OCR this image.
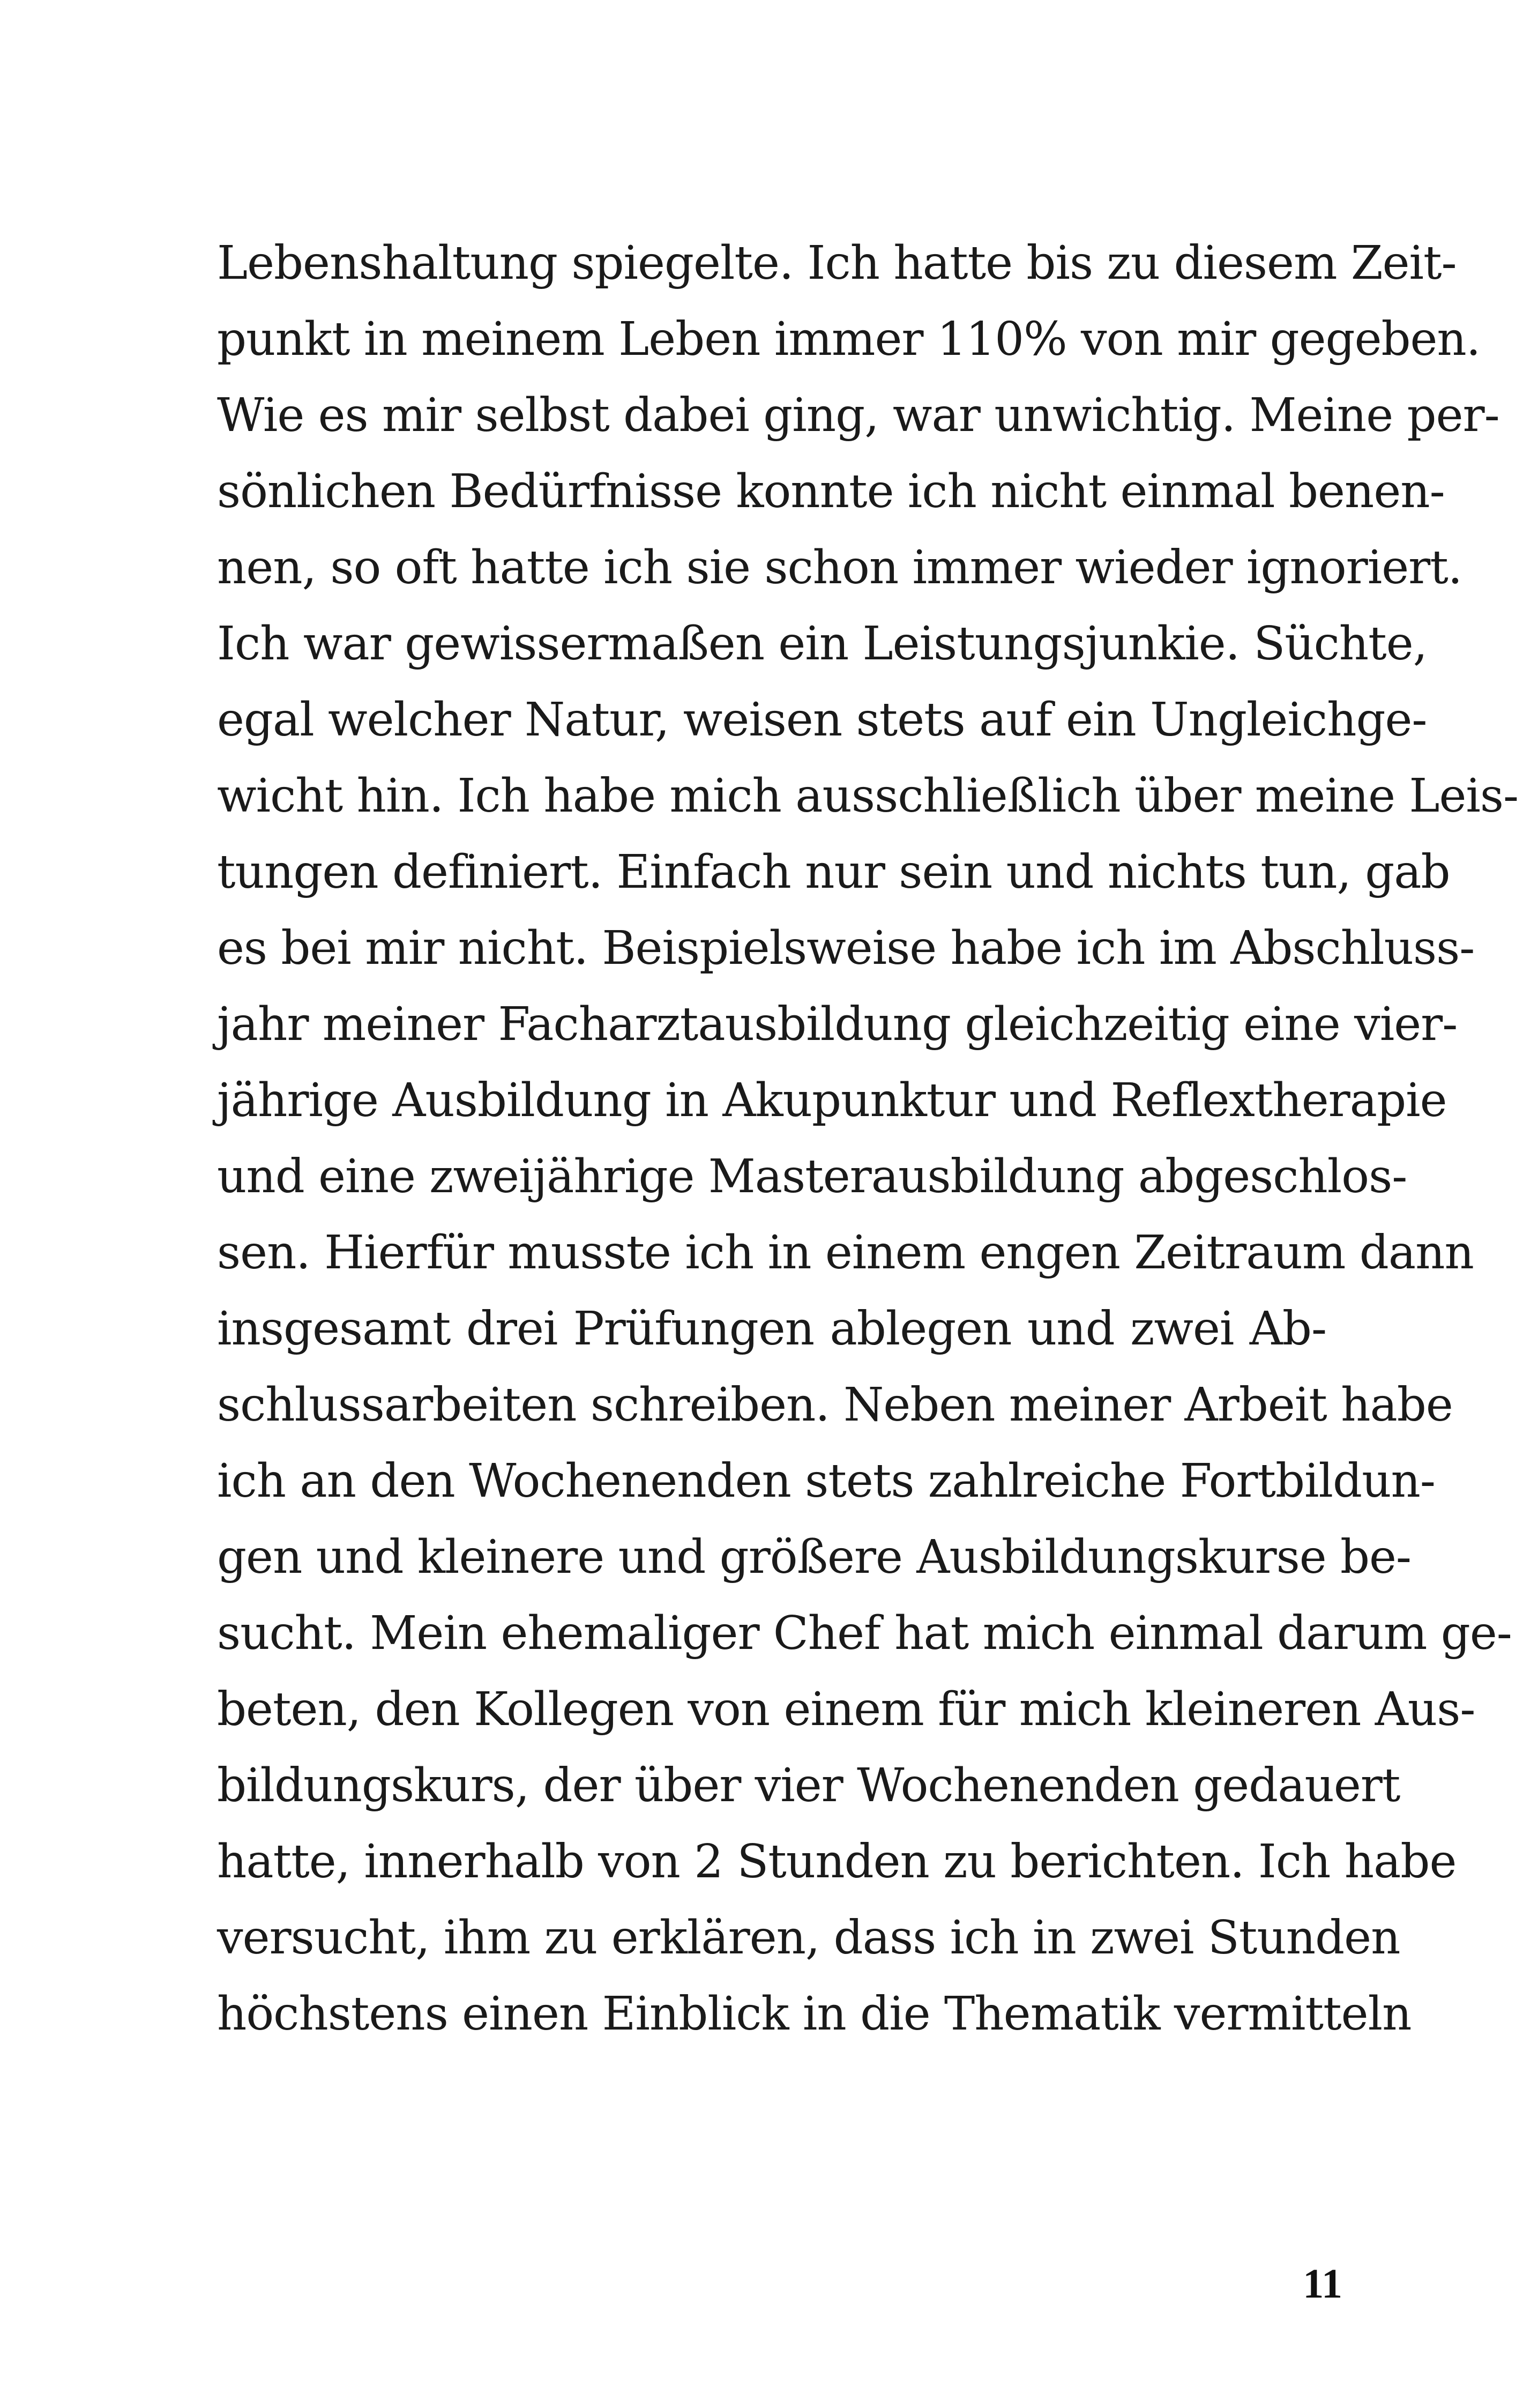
Lebenshaltung spiegelte. Ich hatte bis zu diesem Zeit-
punkt in meinem Leben immer 110% von mir gegeben.
Wie es mir selbst dabei ging, war unwichtig. Meine per-
sönlichen Bedürfnisse konnte ich nicht einmal benen-
nen, so oft hatte ich sie schon immer wieder ignoriert.
Ich war gewissermaßen ein Leistungsjunkie. Süchte,
egal welcher Natur, weisen stets auf ein Ungleichge-
wicht hin. Ich habe mich ausschließlich über meine Leis-
tungen definiert. Einfach nur sein und nichts tun, gab
es bei mir nicht. Beispielsweise habe ich im Abschluss-
jahr meiner Facharztausbildung gleichzeitig eine vier-
jährige Ausbildung in Akupunktur und Reflextherapie
und eine zweijährige Masterausbildung abgeschlos-
sen. Hierfür musste ich in einem engen Zeitraum dann
insgesamt drei Prüfungen ablegen und zwei Ab-
schlussarbeiten schreiben. Neben meiner Arbeit habe
ich an den Wochenenden stets zahlreiche Fortbildun-
gen und kleinere und größere Ausbildungskurse be-
sucht. Mein ehemaliger Chef hat mich einmal darum ge-
beten, den Kollegen von einem für mich kleineren Aus-
bildungskurs, der über vier Wochenenden gedauert
hatte, innerhalb von 2 Stunden zu berichten. Ich habe
versucht, ihm zu erklären, dass ich in zwei Stunden
höchstens einen Einblick in die Thematik vermitteln
11
